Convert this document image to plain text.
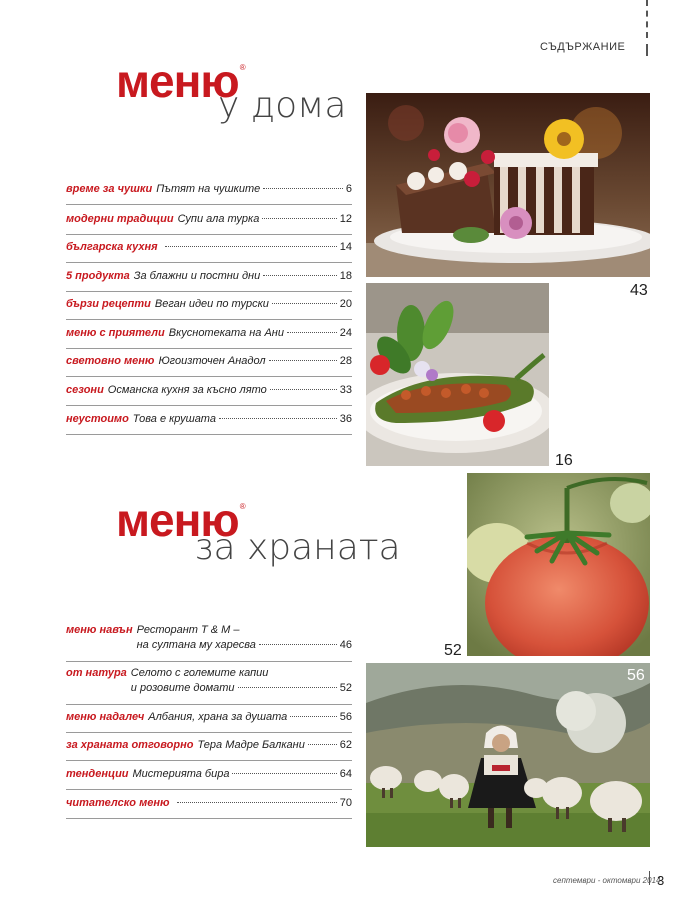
СЪДЪРЖАНИЕ
меню®
у дома
време за чушки Пътят на чушките	6
модерни традиции Супи ала турка	12
българска кухня	14
5 продукта За блажни и постни дни	18
бързи рецепти Веган идеи по турски	20
меню с приятели Вкуснотеката на Ани	24
световно меню Югоизточен Анадол	28
сезони Османска кухня за късно лято	33
неустоимо Това е крушата	36
меню®
за храната
меню навън Ресторант Т & М –
на султана му харесва	46
от натура Селото с големите капии
и розовите домати	52
меню надалеч Албания, храна за душата	56
за храната отговорно Тера Мадре Балкани	62
тенденции Мистерията бира	64
читателско меню	70
43
16
52
56
септември - октомври 2014
3
